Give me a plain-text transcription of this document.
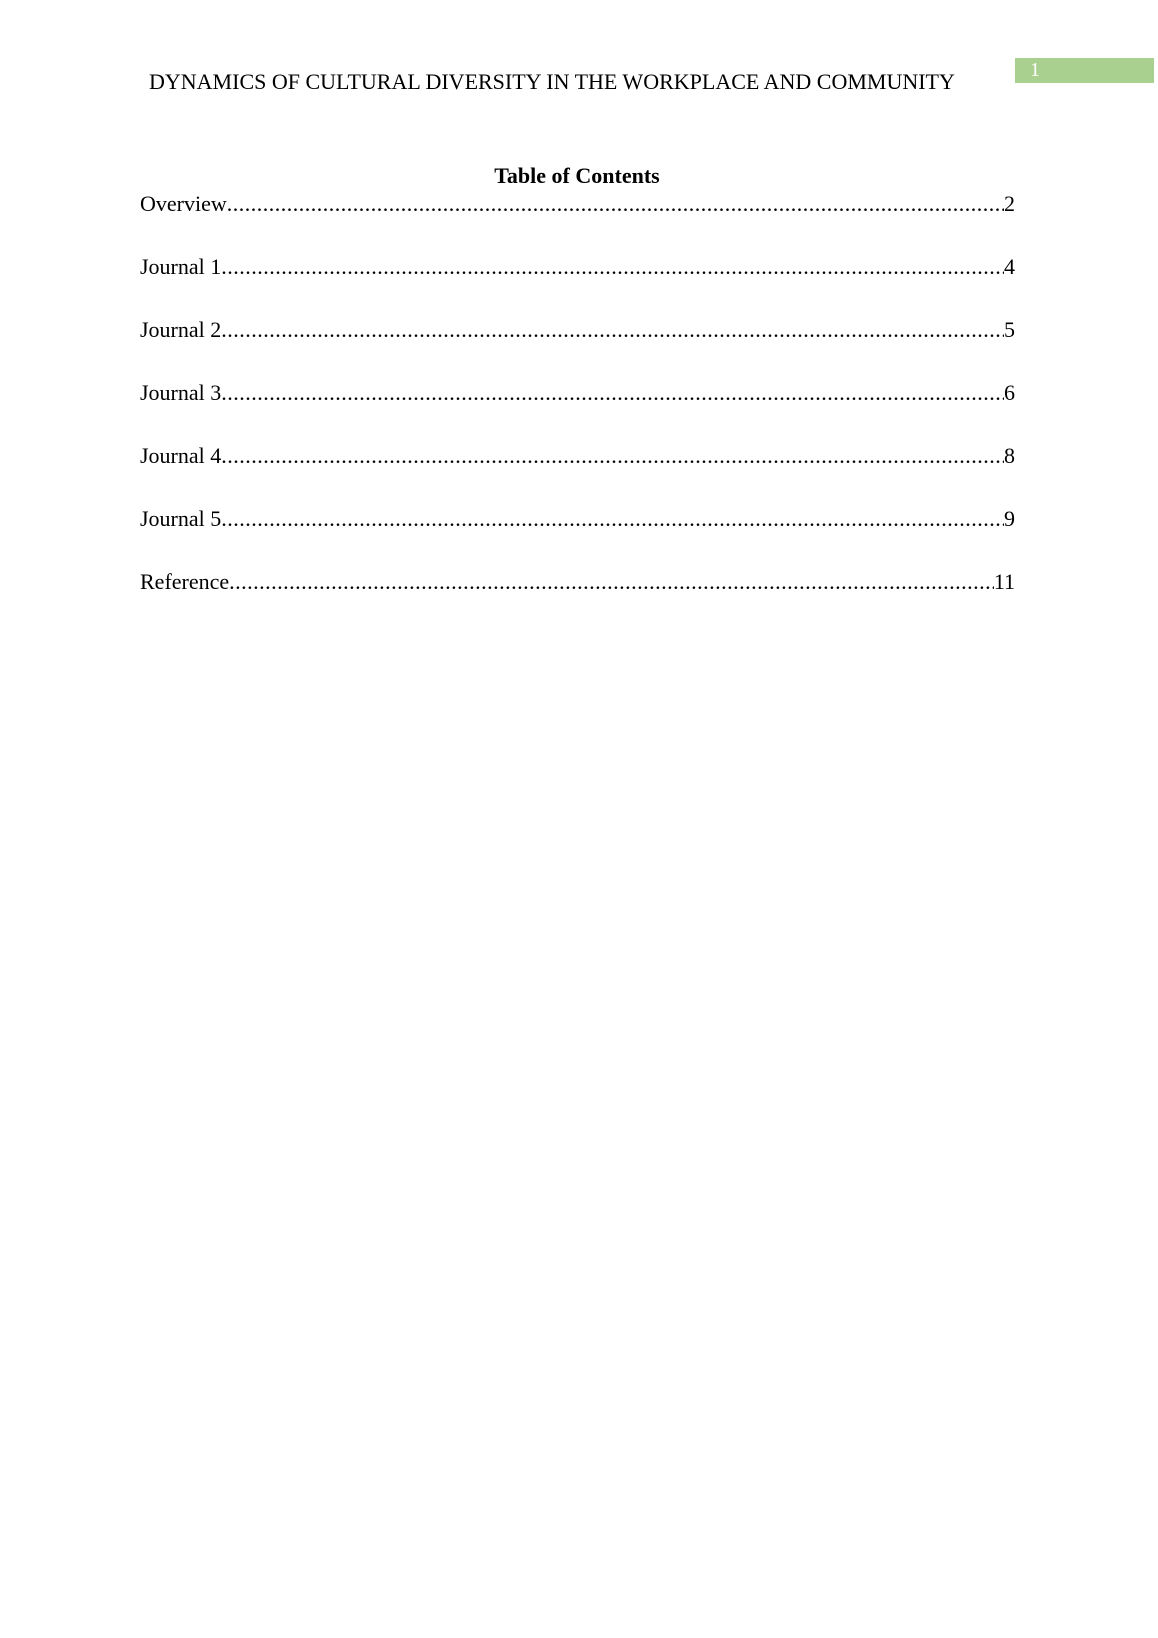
DYNAMICS OF CULTURAL DIVERSITY IN THE WORKPLACE AND COMMUNITY	1
Table of Contents
Overview .....	2
Journal 1 .....	4
Journal 2 .....	5
Journal 3 .....	6
Journal 4 .....	8
Journal 5 .....	9
Reference .....	11
